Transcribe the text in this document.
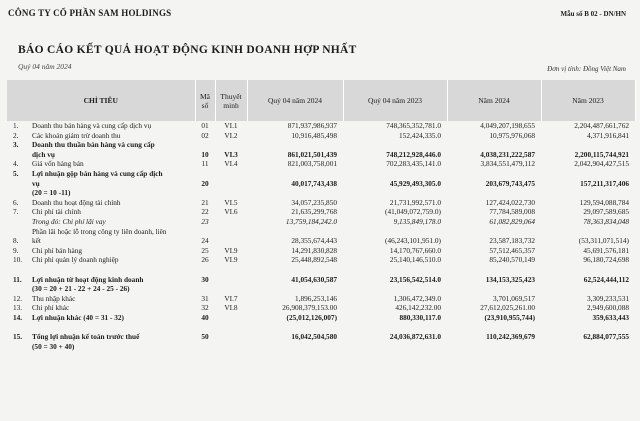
CÔNG TY CỔ PHẦN SAM HOLDINGS	Mẫu số B 02 - DN/HN
BÁO CÁO KẾT QUẢ HOẠT ĐỘNG KINH DOANH HỢP NHẤT
Quý 04 năm 2024	Đơn vị tính: Đồng Việt Nam
CHỈ TIÊU		Mã số	Thuyết minh	Quý 04 năm 2024	Quý 04 năm 2023	Năm 2024	Năm 2023
1.	Doanh thu bán hàng và cung cấp dịch vụ	01	VI.1	871,937,986,937	748,365,352,781.0	4,049,207,198,655	2,204,487,661,762
2.	Các khoản giảm trừ doanh thu	02	VI.2	10,916,485,498	152,424,335.0	10,975,976,068	4,371,916,841
3.	Doanh thu thuần bán hàng và cung cấp						
	dịch vụ	10	VI.3	861,021,501,439	748,212,928,446.0	4,038,231,222,587	2,200,115,744,921
4.	Giá vốn hàng bán	11	VI.4	821,003,758,001	702,283,435,141.0	3,834,551,479,112	2,042,904,427,515
5.	Lợi nhuận gộp bán hàng và cung cấp dịch						
	vụ	20		40,017,743,438	45,929,493,305.0	203,679,743,475	157,211,317,406
	(20 = 10 -11)						
6.	Doanh thu hoạt động tài chính	21	VI.5	34,057,235,850	21,731,992,571.0	127,424,022,730	129,594,088,784
7.	Chi phí tài chính	22	VI.6	21,635,299,768	(41,049,072,759.0)	77,784,589,008	29,097,589,685
	Trong đó: Chi phí lãi vay	23		13,759,184,242.0	9,135,849,178.0	61,082,829,064	78,363,834,048
	Phần lãi hoặc lỗ trong công ty liên doanh, liên						
8.	kết	24		28,355,674,443	(46,243,101,951.0)	23,587,183,732	(53,311,071,514)
9.	Chi phí bán hàng	25	VI.9	14,291,830,828	14,170,767,660.0	57,512,465,357	45,691,576,181
10.	Chi phí quản lý doanh nghiệp	26	VI.9	25,448,892,548	25,140,146,510.0	85,240,570,149	96,180,724,698

11.	Lợi nhuận từ hoạt động kinh doanh	30		41,054,630,587	23,156,542,514.0	134,153,325,423	62,524,444,112
	(30 = 20 + 21 - 22 + 24 - 25 - 26)						
12.	Thu nhập khác	31	VI.7	1,896,253,146	1,306,472,349.0	3,701,069,517	3,309,233,531
13.	Chi phí khác	32	VI.8	26,908,379,153.00	426,142,232.00	27,612,025,261.00	2,949,600,088
14.	Lợi nhuận khác (40 = 31 - 32)	40		(25,012,126,007)	880,330,117.0	(23,910,955,744)	359,633,443

15.	Tổng lợi nhuận kế toán trước thuế	50		16,042,504,580	24,036,872,631.0	110,242,369,679	62,884,077,555
	(50 = 30 + 40)						
